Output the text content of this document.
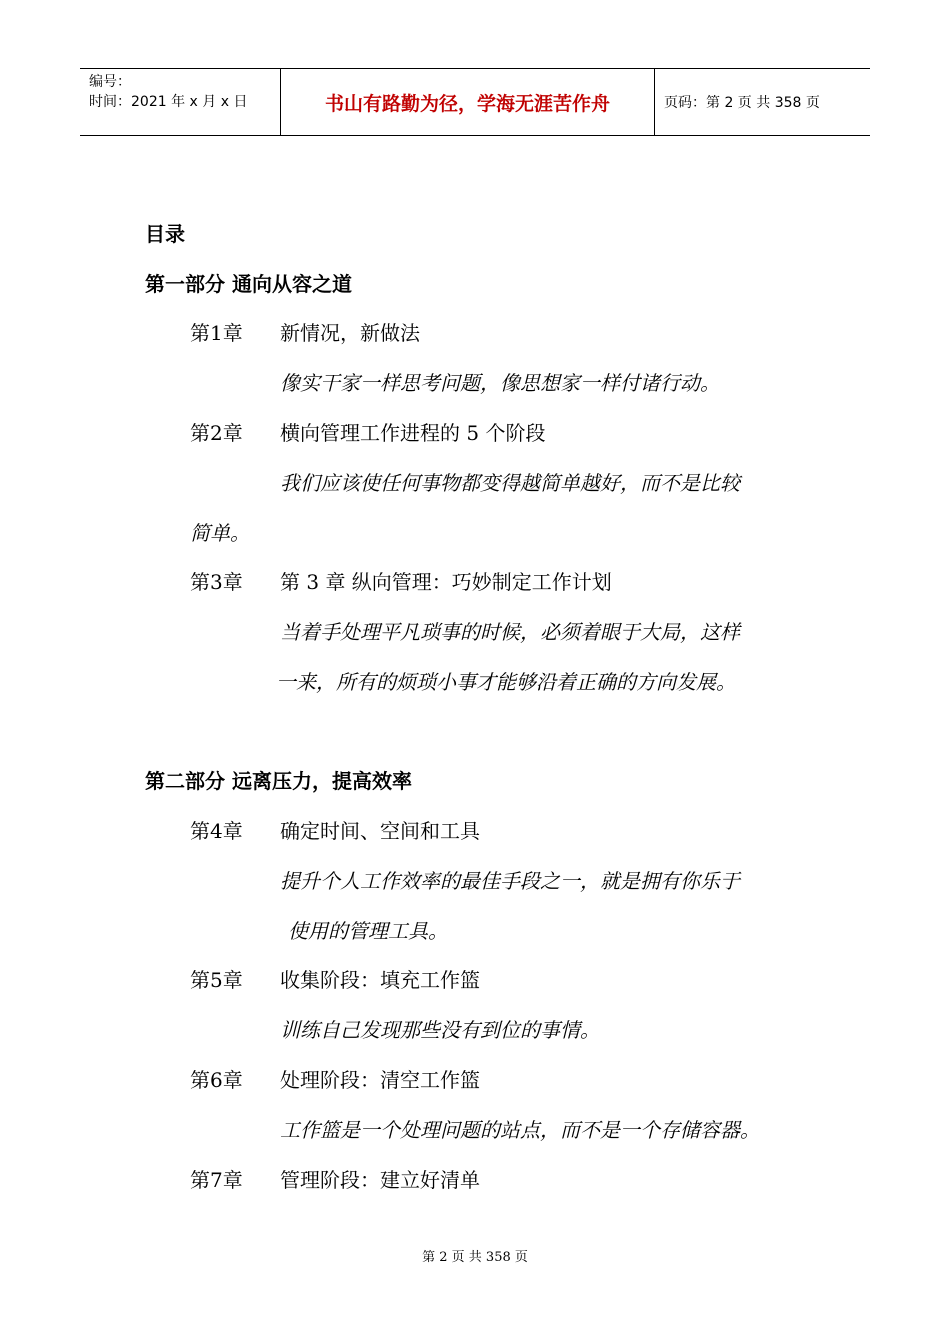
编号：
时间：2021 年 x 月 x 日	书山有路勤为径，学海无涯苦作舟	页码：第 2 页 共 358 页
目录
第一部分 通向从容之道
第1章 新情况，新做法
像实干家一样思考问题，像思想家一样付诸行动。
第2章 横向管理工作进程的 5 个阶段
我们应该使任何事物都变得越简单越好，而不是比较
简单。
第3章 第 3 章 纵向管理：巧妙制定工作计划
当着手处理平凡琐事的时候，必须着眼于大局，这样
一来，所有的烦琐小事才能够沿着正确的方向发展。
第二部分 远离压力，提高效率
第4章 确定时间、空间和工具
提升个人工作效率的最佳手段之一，就是拥有你乐于
使用的管理工具。
第5章 收集阶段：填充工作篮
训练自己发现那些没有到位的事情。
第6章 处理阶段：清空工作篮
工作篮是一个处理问题的站点，而不是一个存储容器。
第7章 管理阶段：建立好清单
第 2 页 共 358 页
